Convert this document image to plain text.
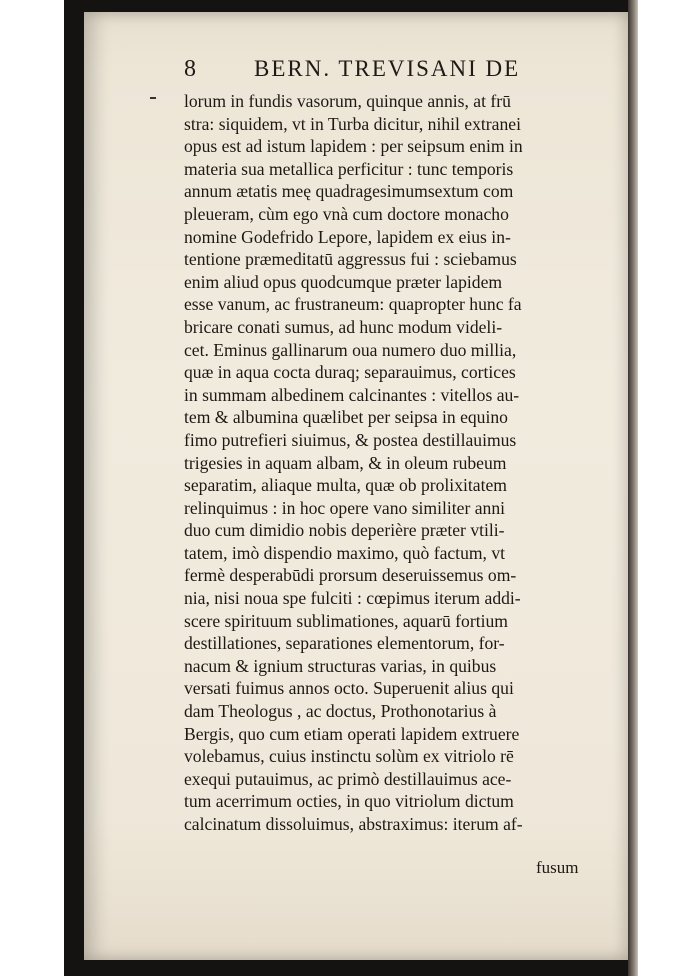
8 BERN. TREVISANI DE
lorum in fundis vasorum, quinque annis, at frū
stra: siquidem, vt in Turba dicitur, nihil extranei
opus est ad istum lapidem : per seipsum enim in
materia sua metallica perficitur : tunc temporis
annum ætatis meę quadragesimumsextum com
pleueram, cùm ego vnà cum doctore monacho
nomine Godefrido Lepore, lapidem ex eius in-
tentione præmeditatū aggressus fui : sciebamus
enim aliud opus quodcumque præter lapidem
esse vanum, ac frustraneum: quapropter hunc fa
bricare conati sumus, ad hunc modum videli-
cet. Eminus gallinarum oua numero duo millia,
quæ in aqua cocta duraq; separauimus, cortices
in summam albedinem calcinantes : vitellos au-
tem & albumina quælibet per seipsa in equino
fimo putrefieri siuimus, & postea destillauimus
trigesies in aquam albam, & in oleum rubeum
separatim, aliaque multa, quæ ob prolixitatem
relinquimus : in hoc opere vano similiter anni
duo cum dimidio nobis deperière præter vtili-
tatem, imò dispendio maximo, quò factum, vt
fermè desperabūdi prorsum deseruissemus om-
nia, nisi noua spe fulciti : cœpimus iterum addi-
scere spirituum sublimationes, aquarū fortium
destillationes, separationes elementorum, for-
nacum & ignium structuras varias, in quibus
versati fuimus annos octo. Superuenit alius qui
dam Theologus , ac doctus, Prothonotarius à
Bergis, quo cum etiam operati lapidem extruere
volebamus, cuius instinctu solùm ex vitriolo rē
exequi putauimus, ac primò destillauimus ace-
tum acerrimum octies, in quo vitriolum dictum
calcinatum dissoluimus, abstraximus: iterum af-
fusum
